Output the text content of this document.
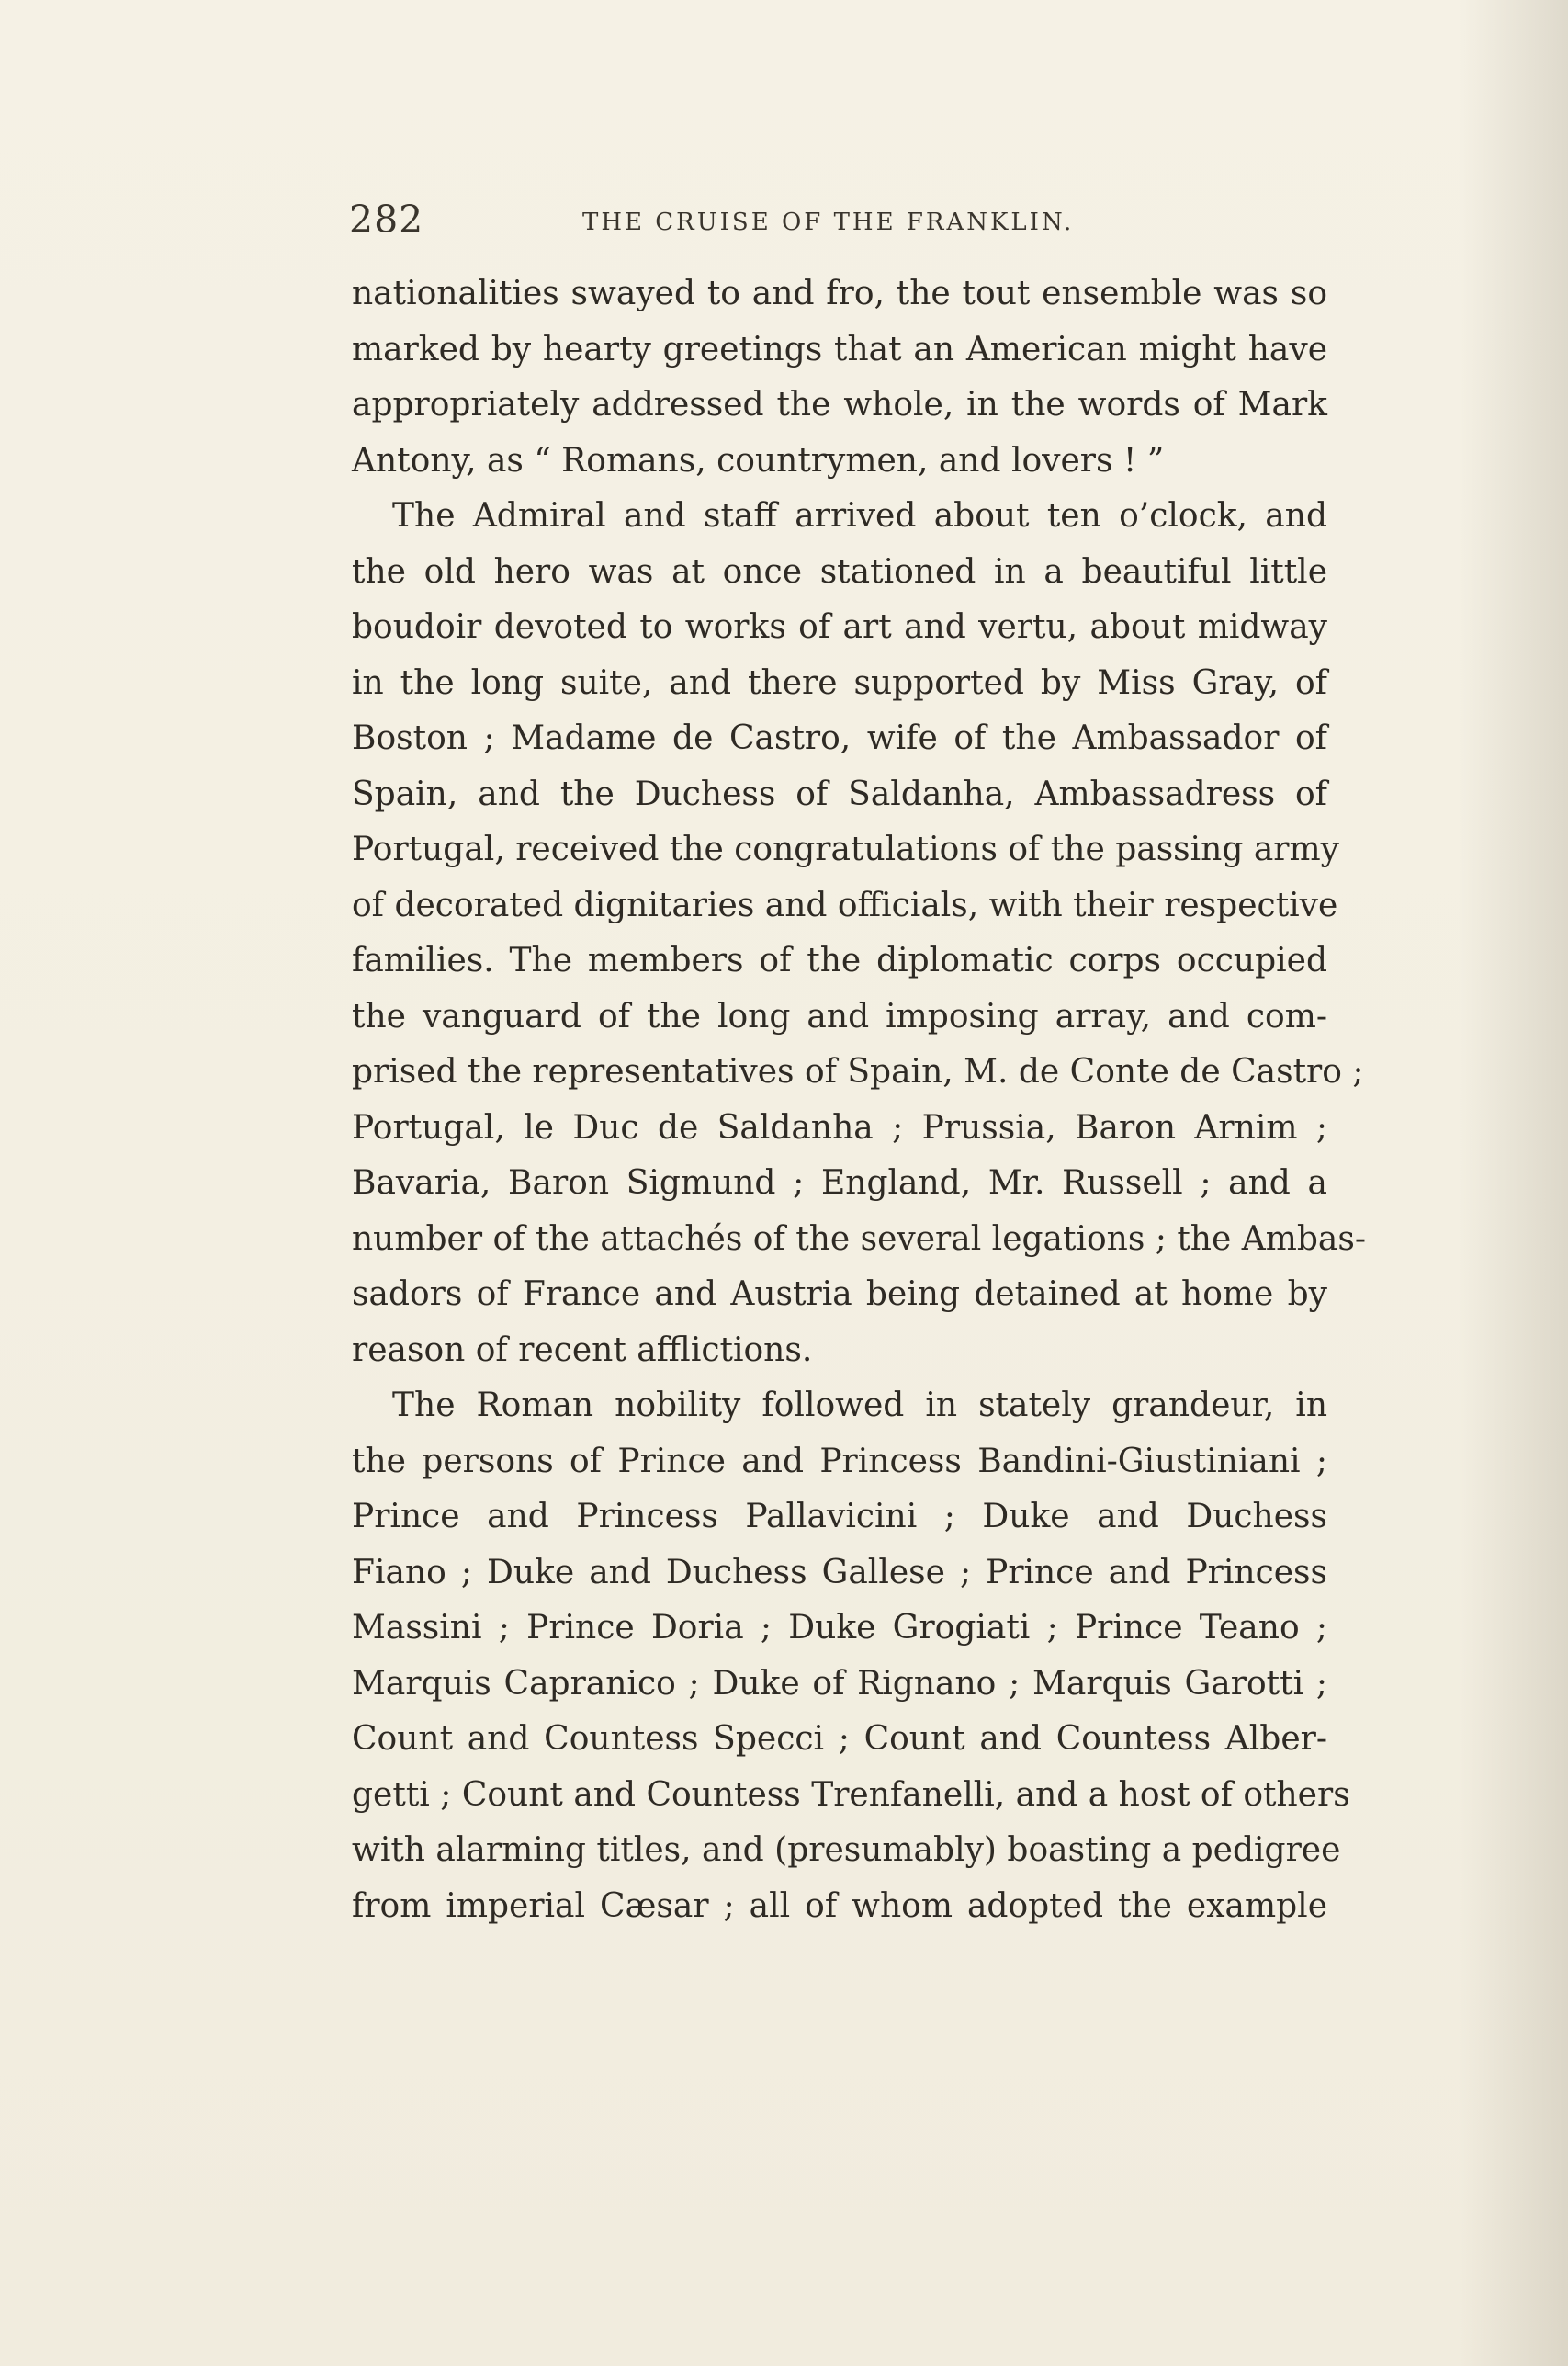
282	THE CRUISE OF THE FRANKLIN.
nationalities swayed to and fro, the tout ensemble was so
marked by hearty greetings that an American might have
appropriately addressed the whole, in the words of Mark
Antony, as “ Romans, countrymen, and lovers ! ”
The Admiral and staff arrived about ten o’clock, and
the old hero was at once stationed in a beautiful little
boudoir devoted to works of art and vertu, about midway
in the long suite, and there supported by Miss Gray, of
Boston ; Madame de Castro, wife of the Ambassador of
Spain, and the Duchess of Saldanha, Ambassadress of
Portugal, received the congratulations of the passing army
of decorated dignitaries and officials, with their respective
families. The members of the diplomatic corps occupied
the vanguard of the long and imposing array, and com-
prised the representatives of Spain, M. de Conte de Castro ;
Portugal, le Duc de Saldanha ; Prussia, Baron Arnim ;
Bavaria, Baron Sigmund ; England, Mr. Russell ; and a
number of the attachés of the several legations ; the Ambas-
sadors of France and Austria being detained at home by
reason of recent afflictions.
The Roman nobility followed in stately grandeur, in
the persons of Prince and Princess Bandini-Giustiniani ;
Prince and Princess Pallavicini ; Duke and Duchess
Fiano ; Duke and Duchess Gallese ; Prince and Princess
Massini ; Prince Doria ; Duke Grogiati ; Prince Teano ;
Marquis Capranico ; Duke of Rignano ; Marquis Garotti ;
Count and Countess Specci ; Count and Countess Alber-
getti ; Count and Countess Trenfanelli, and a host of others
with alarming titles, and (presumably) boasting a pedigree
from imperial Cæsar ; all of whom adopted the example
